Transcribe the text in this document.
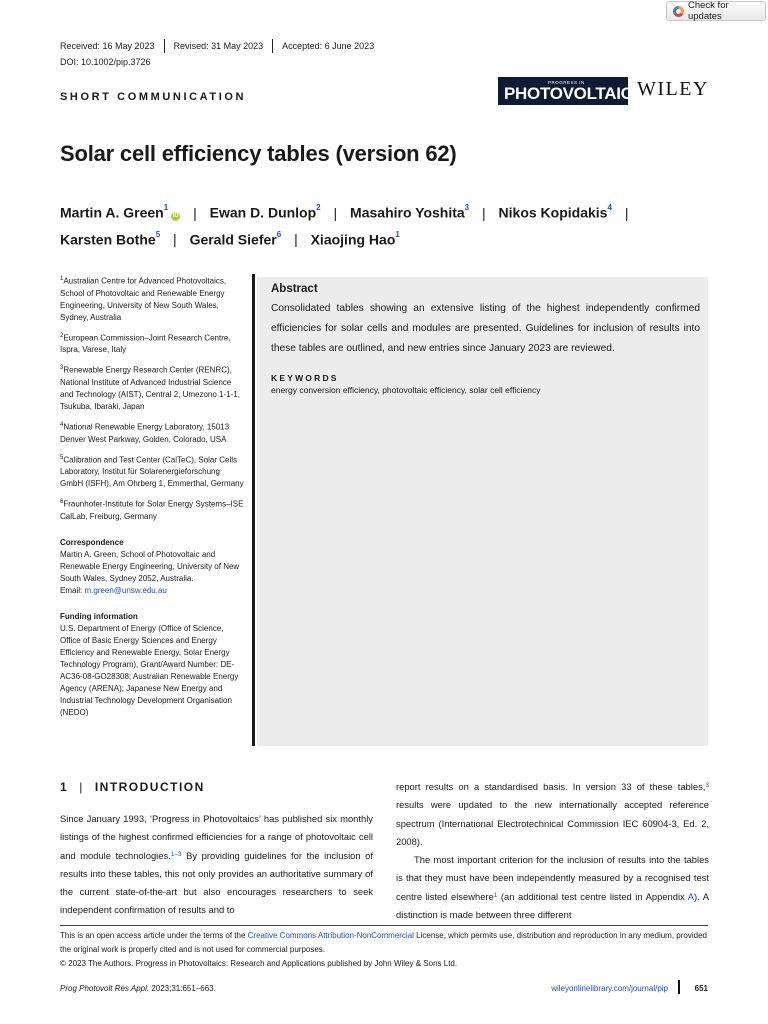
Check for updates
Received: 16 May 2023 Revised: 31 May 2023 Accepted: 6 June 2023
DOI: 10.1002/pip.3726
SHORT COMMUNICATION
PROGRESS IN
PHOTOVOLTAICS
WILEY
Solar cell efficiency tables (version 62)
Martin A. Green$^1$iD | Ewan D. Dunlop$^2$ | Masahiro Yoshita$^3$ | Nikos Kopidakis$^4$ |
Karsten Bothe$^5$ | Gerald Siefer$^6$ | Xiaojing Hao$^1$

$^1$Australian Centre for Advanced Photovoltaics, School of Photovoltaic and Renewable Energy Engineering, University of New South Wales, Sydney, Australia

$^2$European Commission–Joint Research Centre, Ispra, Varese, Italy

$^3$Renewable Energy Research Center (RENRC), National Institute of Advanced Industrial Science and Technology (AIST), Central 2, Umezono 1-1-1, Tsukuba, Ibaraki, Japan

$^4$National Renewable Energy Laboratory, 15013 Denver West Parkway, Golden, Colorado, USA

$^5$Calibration and Test Center (CalTeC), Solar Cells Laboratory, Institut für Solarenergieforschung GmbH (ISFH), Am Ohrberg 1, Emmerthal, Germany

$^6$Fraunhofer-Institute for Solar Energy Systems–ISE CalLab, Freiburg, Germany

Correspondence

Martin A. Green, School of Photovoltaic and Renewable Energy Engineering, University of New South Wales, Sydney 2052, Australia.
Email: m.green@unsw.edu.au

Funding information

U.S. Department of Energy (Office of Science, Office of Basic Energy Sciences and Energy Efficiency and Renewable Energy, Solar Energy Technology Program), Grant/Award Number: DE-AC36-08-GO28308; Australian Renewable Energy Agency (ARENA); Japanese New Energy and Industrial Technology Development Organisation (NEDO)

Abstract

Consolidated tables showing an extensive listing of the highest independently confirmed efficiencies for solar cells and modules are presented. Guidelines for inclusion of results into these tables are outlined, and new entries since January 2023 are reviewed.

KEYWORDS

energy conversion efficiency, photovoltaic efficiency, solar cell efficiency

1 | INTRODUCTION

Since January 1993, ‘Progress in Photovoltaics’ has published six monthly listings of the highest confirmed efficiencies for a range of photovoltaic cell and module technologies.$^{1-3}$ By providing guidelines for the inclusion of results into these tables, this not only provides an authoritative summary of the current state-of-the-art but also encourages researchers to seek independent confirmation of results and to

report results on a standardised basis. In version 33 of these tables,$^3$ results were updated to the new internationally accepted reference spectrum (International Electrotechnical Commission IEC 60904-3, Ed. 2, 2008).

The most important criterion for the inclusion of results into the tables is that they must have been independently measured by a recognised test centre listed elsewhere$^1$ (an additional test centre listed in Appendix A). A distinction is made between three different

This is an open access article under the terms of the Creative Commons Attribution-NonCommercial License, which permits use, distribution and reproduction in any medium, provided the original work is properly cited and is not used for commercial purposes.

© 2023 The Authors. Progress in Photovoltaics: Research and Applications published by John Wiley & Sons Ltd.

Prog Photovolt Res Appl. 2023;31:651–663.	wileyonlinelibrary.com/journal/pip	651
